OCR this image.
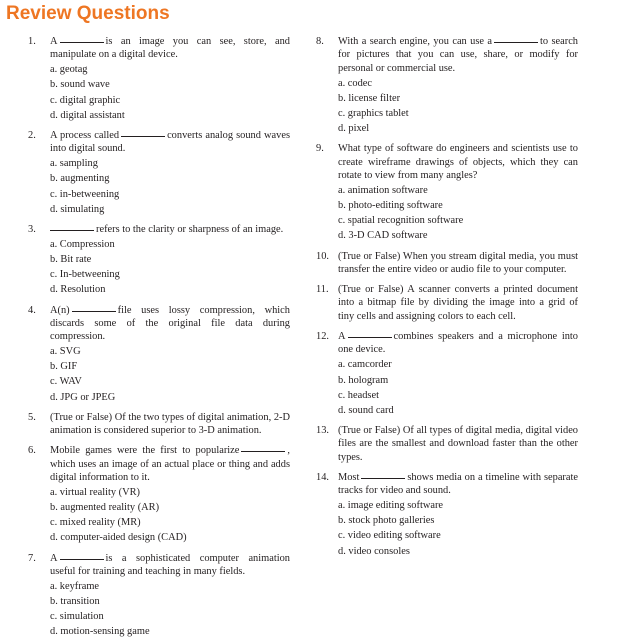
Review Questions
1.	A	is an image you can see, store, and manipulate on a digital device.
a. geotag
b. sound wave
c. digital graphic
d. digital assistant
2.	A process called	converts analog sound waves into digital sound.
a. sampling
b. augmenting
c. in-betweening
d. simulating
3.	refers to the clarity or sharpness of an image.
a. Compression
b. Bit rate
c. In-betweening
d. Resolution
4.	A(n)	file uses lossy compression, which discards some of the original file data during compression.
a. SVG
b. GIF
c. WAV
d. JPG or JPEG
5.	(True or False) Of the two types of digital animation, 2-D animation is considered superior to 3-D animation.
6.	Mobile games were the first to popularize	, which uses an image of an actual place or thing and adds digital information to it.
a. virtual reality (VR)
b. augmented reality (AR)
c. mixed reality (MR)
d. computer-aided design (CAD)
7.	A	is a sophisticated computer animation useful for training and teaching in many fields.
a. keyframe
b. transition
c. simulation
d. motion-sensing game
8.	With a search engine, you can use a	to search for pictures that you can use, share, or modify for personal or commercial use.
a. codec
b. license filter
c. graphics tablet
d. pixel
9.	What type of software do engineers and scientists use to create wireframe drawings of objects, which they can rotate to view from many angles?
a. animation software
b. photo-editing software
c. spatial recognition software
d. 3-D CAD software
10. (True or False) When you stream digital media, you must transfer the entire video or audio file to your computer.
11. (True or False) A scanner converts a printed document into a bitmap file by dividing the image into a grid of tiny cells and assigning colors to each cell.
12. A	combines speakers and a microphone into one device.
a. camcorder
b. hologram
c. headset
d. sound card
13. (True or False) Of all types of digital media, digital video files are the smallest and download faster than the other types.
14. Most	shows media on a timeline with separate tracks for video and sound.
a. image editing software
b. stock photo galleries
c. video editing software
d. video consoles
